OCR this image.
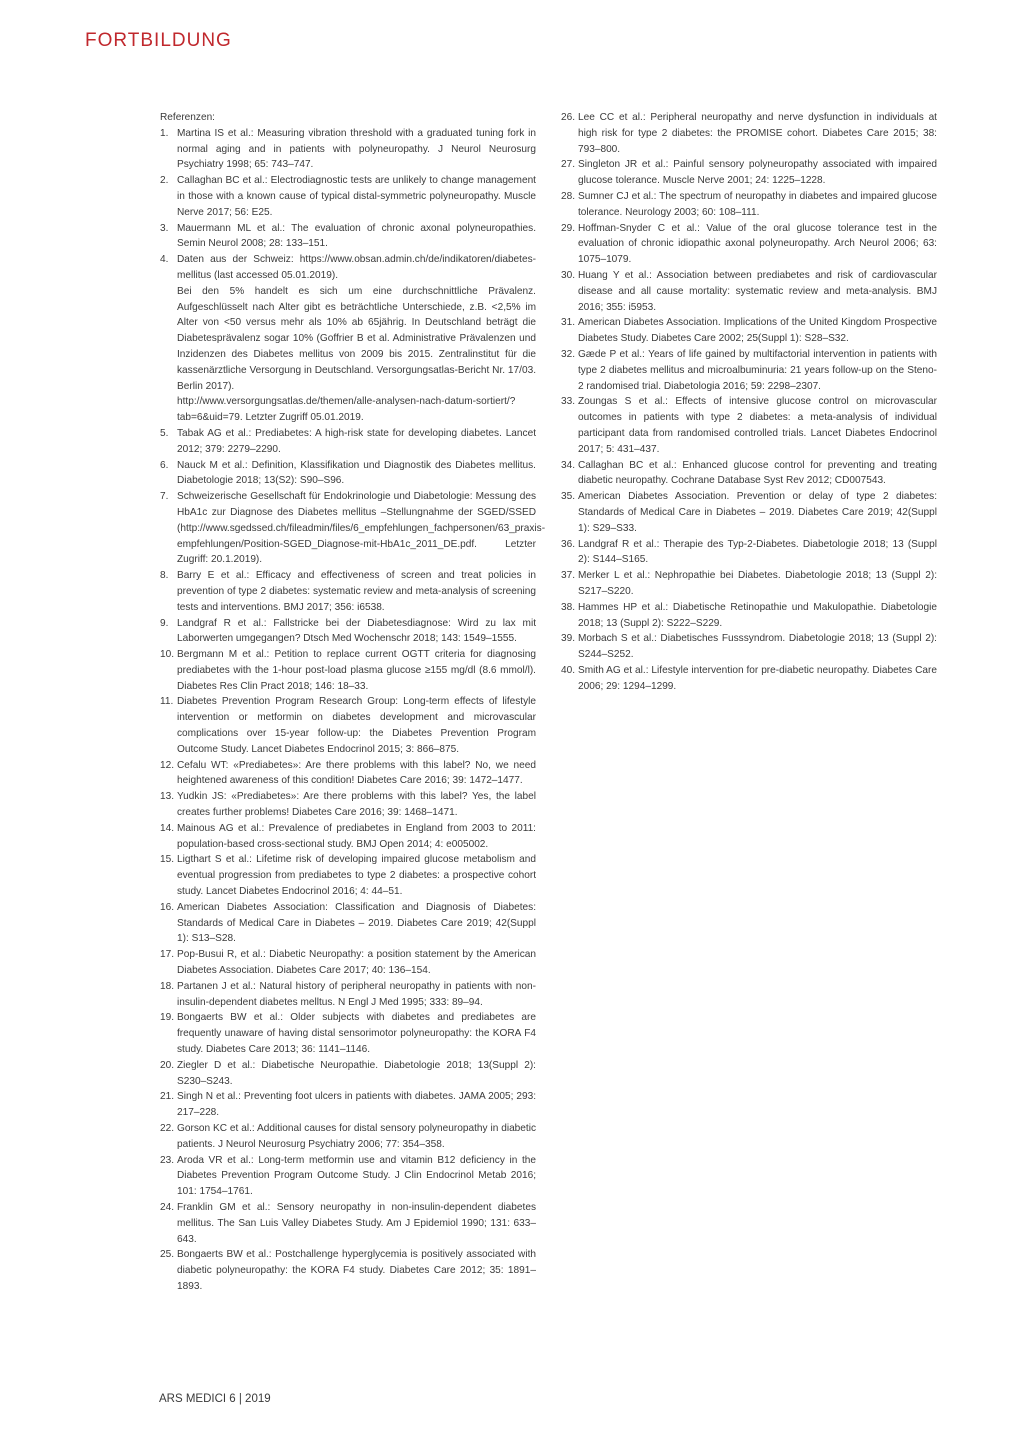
FORTBILDUNG

Referenzen:

1. Martina IS et al.: Measuring vibration threshold with a graduated tuning fork in normal aging and in patients with polyneuropathy. J Neurol Neurosurg Psychiatry 1998; 65: 743–747.
2. Callaghan BC et al.: Electrodiagnostic tests are unlikely to change management in those with a known cause of typical distal-symmetric polyneuropathy. Muscle Nerve 2017; 56: E25.
3. Mauermann ML et al.: The evaluation of chronic axonal polyneuropathies. Semin Neurol 2008; 28: 133–151.
4. Daten aus der Schweiz: https://www.obsan.admin.ch/de/indikatoren/diabetes-mellitus (last accessed 05.01.2019).
Bei den 5% handelt es sich um eine durchschnittliche Prävalenz. Aufgeschlüsselt nach Alter gibt es beträchtliche Unterschiede, z.B. <2,5% im Alter von <50 versus mehr als 10% ab 65jährig. In Deutschland beträgt die Diabetesprävalenz sogar 10% (Goffrier B et al. Administrative Prävalenzen und Inzidenzen des Diabetes mellitus von 2009 bis 2015. Zentralinstitut für die kassenärztliche Versorgung in Deutschland. Versorgungsatlas-Bericht Nr. 17/03. Berlin 2017).
http://www.versorgungsatlas.de/themen/alle-analysen-nach-datum-sortiert/?tab=6&uid=79. Letzter Zugriff 05.01.2019.
5. Tabak AG et al.: Prediabetes: A high-risk state for developing diabetes. Lancet 2012; 379: 2279–2290.
6. Nauck M et al.: Definition, Klassifikation und Diagnostik des Diabetes mellitus. Diabetologie 2018; 13(S2): S90–S96.
7. Schweizerische Gesellschaft für Endokrinologie und Diabetologie: Messung des HbA1c zur Diagnose des Diabetes mellitus –Stellungnahme der SGED/SSED (http://www.sgedssed.ch/fileadmin/files/6_empfehlungen_fachpersonen/63_praxis-empfehlungen/Position-SGED_Diagnose-mit-HbA1c_2011_DE.pdf. Letzter Zugriff: 20.1.2019).
8. Barry E et al.: Efficacy and effectiveness of screen and treat policies in prevention of type 2 diabetes: systematic review and meta-analysis of screening tests and interventions. BMJ 2017; 356: i6538.
9. Landgraf R et al.: Fallstricke bei der Diabetesdiagnose: Wird zu lax mit Laborwerten umgegangen? Dtsch Med Wochenschr 2018; 143: 1549–1555.
10. Bergmann M et al.: Petition to replace current OGTT criteria for diagnosing prediabetes with the 1-hour post-load plasma glucose ≥155 mg/dl (8.6 mmol/l). Diabetes Res Clin Pract 2018; 146: 18–33.
11. Diabetes Prevention Program Research Group: Long-term effects of lifestyle intervention or metformin on diabetes development and microvascular complications over 15-year follow-up: the Diabetes Prevention Program Outcome Study. Lancet Diabetes Endocrinol 2015; 3: 866–875.
12. Cefalu WT: «Prediabetes»: Are there problems with this label? No, we need heightened awareness of this condition! Diabetes Care 2016; 39: 1472–1477.
13. Yudkin JS: «Prediabetes»: Are there problems with this label? Yes, the label creates further problems! Diabetes Care 2016; 39: 1468–1471.
14. Mainous AG et al.: Prevalence of prediabetes in England from 2003 to 2011: population-based cross-sectional study. BMJ Open 2014; 4: e005002.
15. Ligthart S et al.: Lifetime risk of developing impaired glucose metabolism and eventual progression from prediabetes to type 2 diabetes: a prospective cohort study. Lancet Diabetes Endocrinol 2016; 4: 44–51.
16. American Diabetes Association: Classification and Diagnosis of Diabetes: Standards of Medical Care in Diabetes – 2019. Diabetes Care 2019; 42(Suppl 1): S13–S28.
17. Pop-Busui R, et al.: Diabetic Neuropathy: a position statement by the American Diabetes Association. Diabetes Care 2017; 40: 136–154.
18. Partanen J et al.: Natural history of peripheral neuropathy in patients with non-insulin-dependent diabetes melltus. N Engl J Med 1995; 333: 89–94.
19. Bongaerts BW et al.: Older subjects with diabetes and prediabetes are frequently unaware of having distal sensorimotor polyneuropathy: the KORA F4 study. Diabetes Care 2013; 36: 1141–1146.
20. Ziegler D et al.: Diabetische Neuropathie. Diabetologie 2018; 13(Suppl 2): S230–S243.
21. Singh N et al.: Preventing foot ulcers in patients with diabetes. JAMA 2005; 293: 217–228.
22. Gorson KC et al.: Additional causes for distal sensory polyneuropathy in diabetic patients. J Neurol Neurosurg Psychiatry 2006; 77: 354–358.
23. Aroda VR et al.: Long-term metformin use and vitamin B12 deficiency in the Diabetes Prevention Program Outcome Study. J Clin Endocrinol Metab 2016; 101: 1754–1761.
24. Franklin GM et al.: Sensory neuropathy in non-insulin-dependent diabetes mellitus. The San Luis Valley Diabetes Study. Am J Epidemiol 1990; 131: 633–643.
25. Bongaerts BW et al.: Postchallenge hyperglycemia is positively associated with diabetic polyneuropathy: the KORA F4 study. Diabetes Care 2012; 35: 1891–1893.
26. Lee CC et al.: Peripheral neuropathy and nerve dysfunction in individuals at high risk for type 2 diabetes: the PROMISE cohort. Diabetes Care 2015; 38: 793–800.
27. Singleton JR et al.: Painful sensory polyneuropathy associated with impaired glucose tolerance. Muscle Nerve 2001; 24: 1225–1228.
28. Sumner CJ et al.: The spectrum of neuropathy in diabetes and impaired glucose tolerance. Neurology 2003; 60: 108–111.
29. Hoffman-Snyder C et al.: Value of the oral glucose tolerance test in the evaluation of chronic idiopathic axonal polyneuropathy. Arch Neurol 2006; 63: 1075–1079.
30. Huang Y et al.: Association between prediabetes and risk of cardiovascular disease and all cause mortality: systematic review and meta-analysis. BMJ 2016; 355: i5953.
31. American Diabetes Association. Implications of the United Kingdom Prospective Diabetes Study. Diabetes Care 2002; 25(Suppl 1): S28–S32.
32. Gæde P et al.: Years of life gained by multifactorial intervention in patients with type 2 diabetes mellitus and microalbuminuria: 21 years follow-up on the Steno-2 randomised trial. Diabetologia 2016; 59: 2298–2307.
33. Zoungas S et al.: Effects of intensive glucose control on microvascular outcomes in patients with type 2 diabetes: a meta-analysis of individual participant data from randomised controlled trials. Lancet Diabetes Endocrinol 2017; 5: 431–437.
34. Callaghan BC et al.: Enhanced glucose control for preventing and treating diabetic neuropathy. Cochrane Database Syst Rev 2012; CD007543.
35. American Diabetes Association. Prevention or delay of type 2 diabetes: Standards of Medical Care in Diabetes – 2019. Diabetes Care 2019; 42(Suppl 1): S29–S33.
36. Landgraf R et al.: Therapie des Typ-2-Diabetes. Diabetologie 2018; 13 (Suppl 2): S144–S165.
37. Merker L et al.: Nephropathie bei Diabetes. Diabetologie 2018; 13 (Suppl 2): S217–S220.
38. Hammes HP et al.: Diabetische Retinopathie und Makulopathie. Diabetologie 2018; 13 (Suppl 2): S222–S229.
39. Morbach S et al.: Diabetisches Fusssyndrom. Diabetologie 2018; 13 (Suppl 2): S244–S252.
40. Smith AG et al.: Lifestyle intervention for pre-diabetic neuropathy. Diabetes Care 2006; 29: 1294–1299.
ARS MEDICI 6 | 2019
